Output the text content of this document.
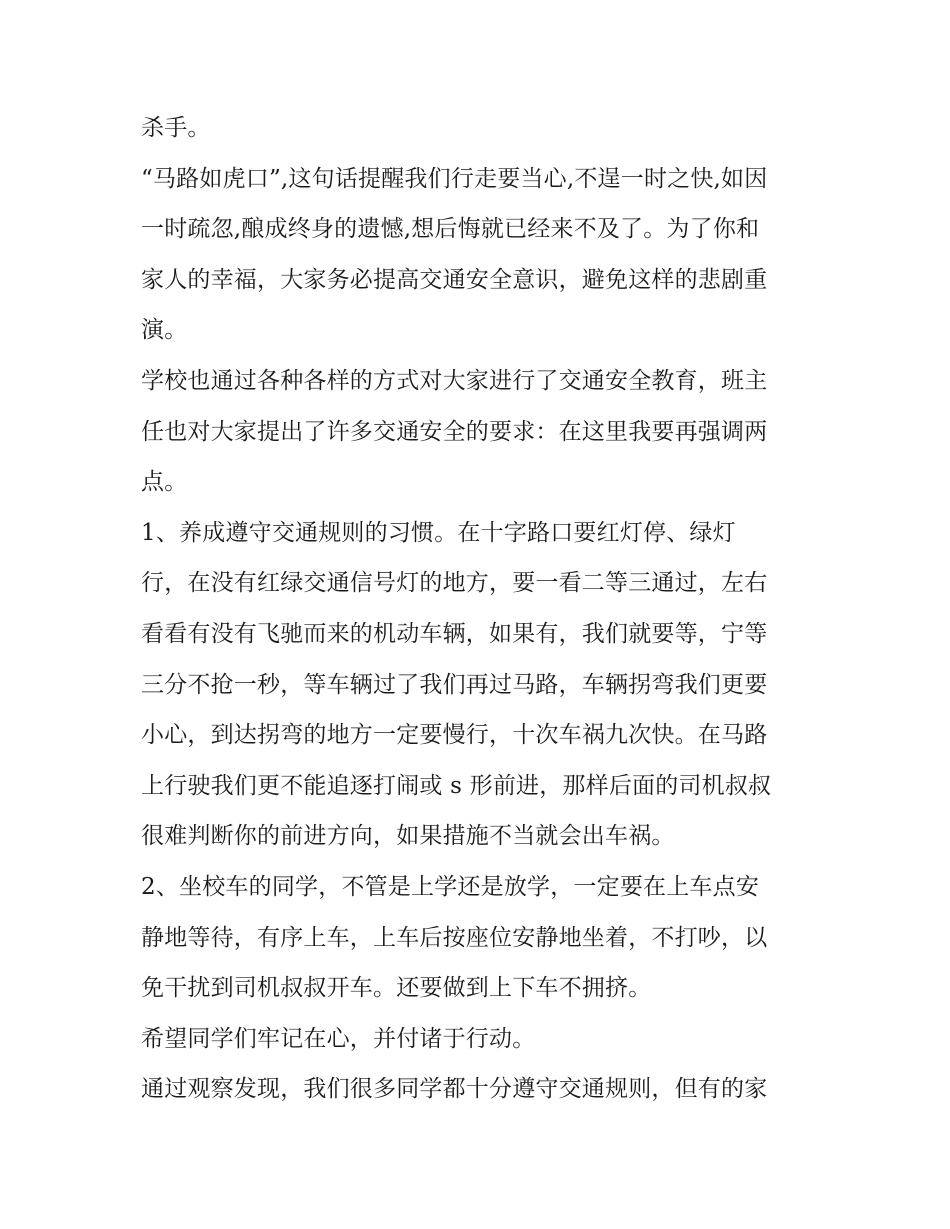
杀手。
“马路如虎口”,这句话提醒我们行走要当心,不逞一时之快,如因
一时疏忽,酿成终身的遗憾,想后悔就已经来不及了。为了你和
家人的幸福，大家务必提高交通安全意识，避免这样的悲剧重
演。
学校也通过各种各样的方式对大家进行了交通安全教育，班主
任也对大家提出了许多交通安全的要求：在这里我要再强调两
点。
1、养成遵守交通规则的习惯。在十字路口要红灯停、绿灯
行，在没有红绿交通信号灯的地方，要一看二等三通过，左右
看看有没有飞驰而来的机动车辆，如果有，我们就要等，宁等
三分不抢一秒，等车辆过了我们再过马路，车辆拐弯我们更要
小心，到达拐弯的地方一定要慢行，十次车祸九次快。在马路
上行驶我们更不能追逐打闹或 s 形前进，那样后面的司机叔叔
很难判断你的前进方向，如果措施不当就会出车祸。
2、坐校车的同学，不管是上学还是放学，一定要在上车点安
静地等待，有序上车，上车后按座位安静地坐着，不打吵，以
免干扰到司机叔叔开车。还要做到上下车不拥挤。
希望同学们牢记在心，并付诸于行动。
通过观察发现，我们很多同学都十分遵守交通规则，但有的家
